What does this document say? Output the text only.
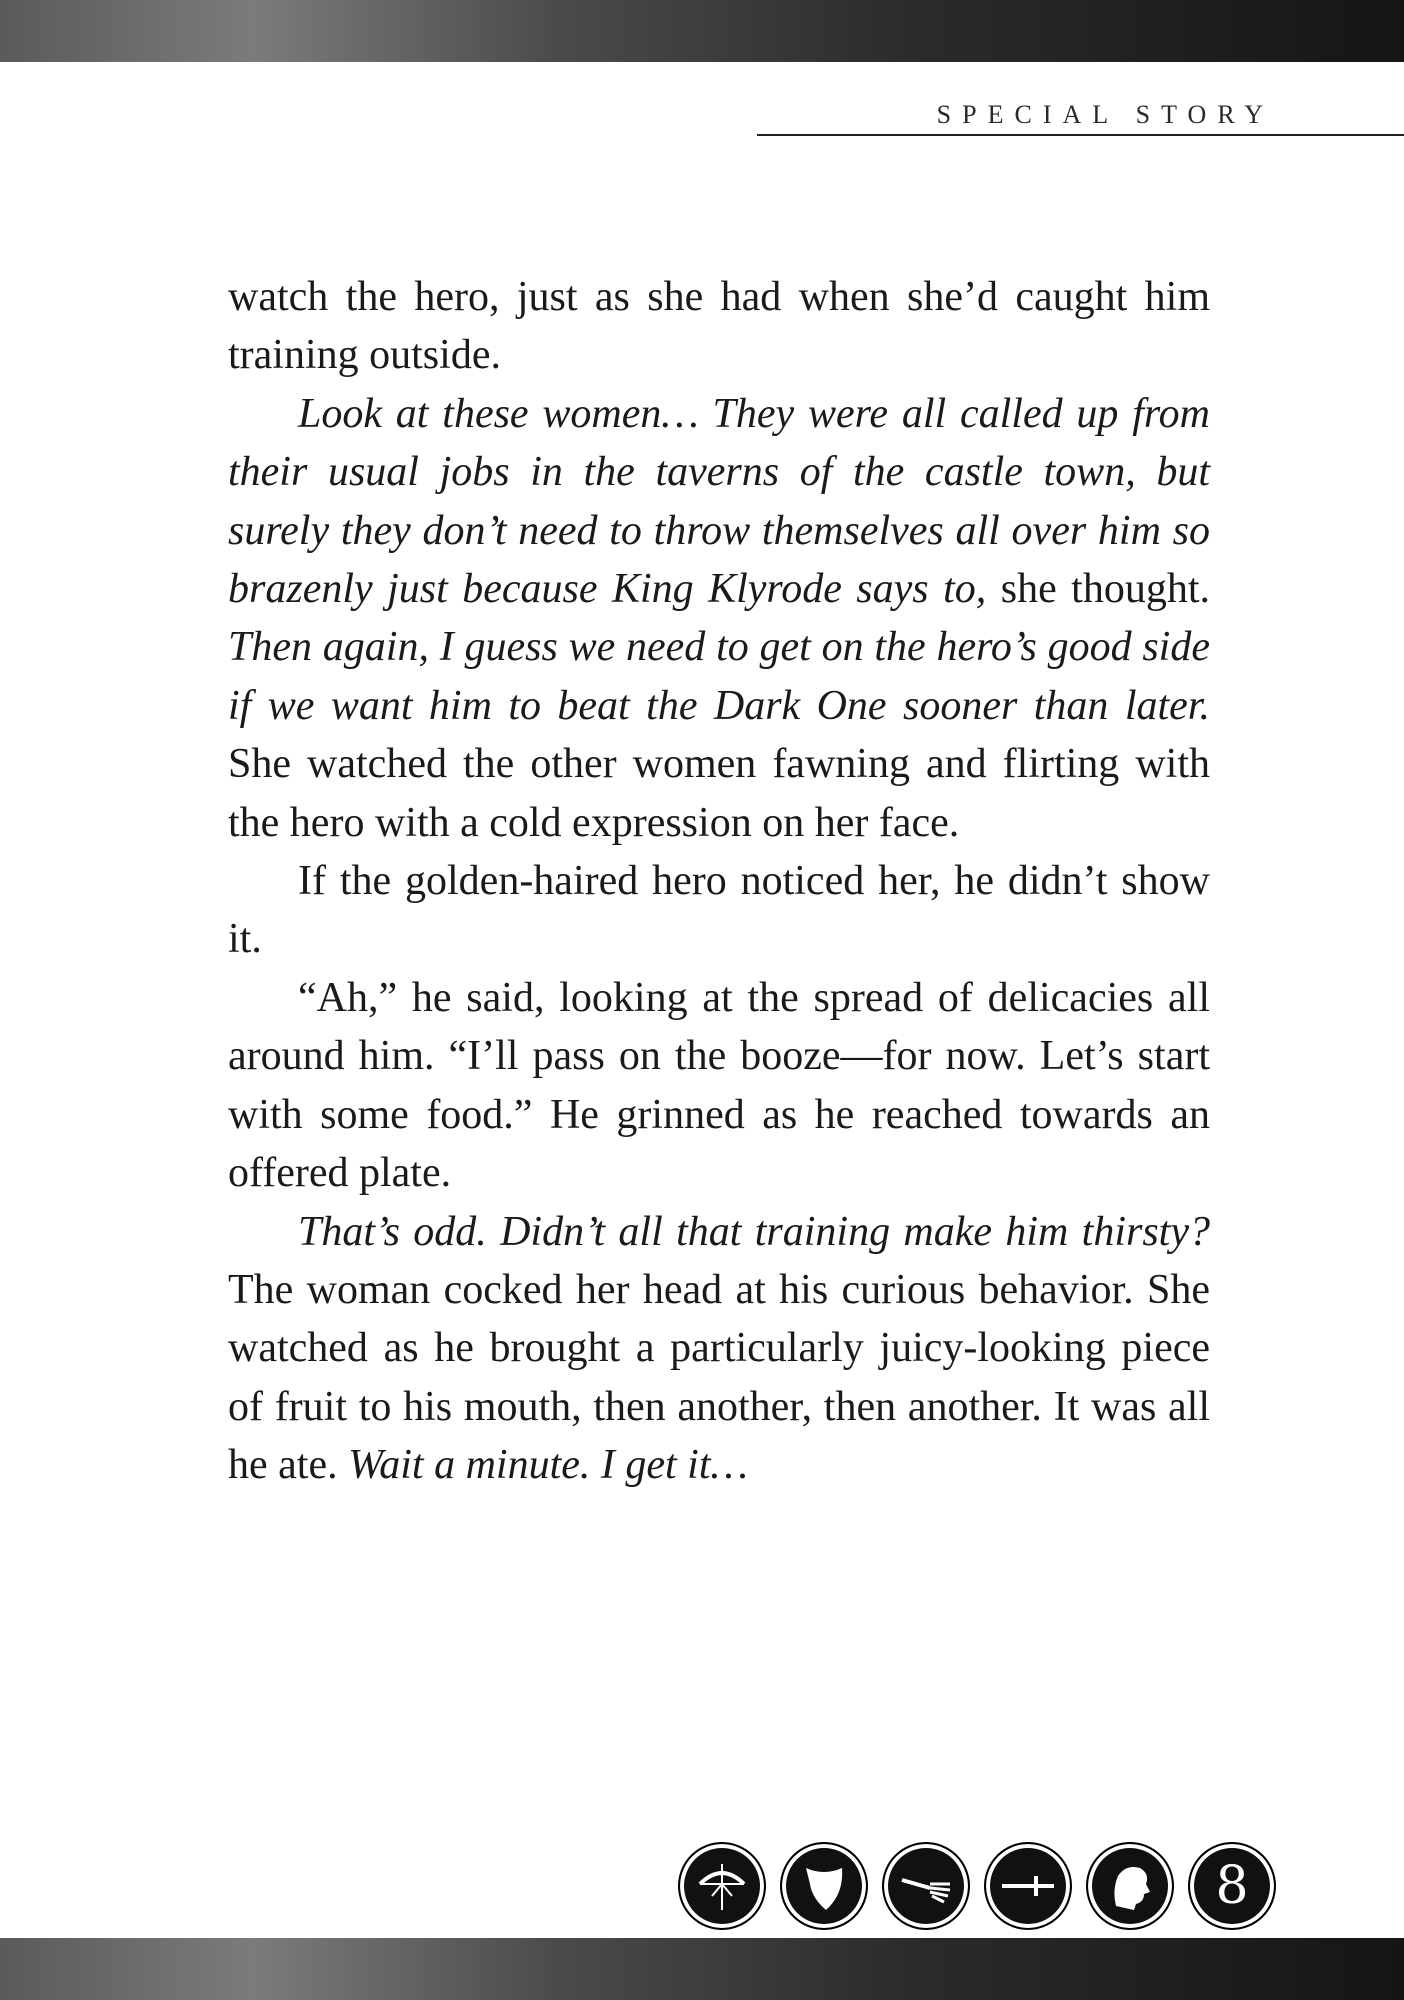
SPECIAL STORY

watch the hero, just as she had when she’d caught him training outside.

Look at these women… They were all called up from their usual jobs in the taverns of the castle town, but surely they don’t need to throw themselves all over him so brazenly just because King Klyrode says to, she thought. Then again, I guess we need to get on the hero’s good side if we want him to beat the Dark One sooner than later. She watched the other women fawning and flirting with the hero with a cold expression on her face.

If the golden-haired hero noticed her, he didn’t show it.

“Ah,” he said, looking at the spread of delicacies all around him. “I’ll pass on the booze—for now. Let’s start with some food.” He grinned as he reached towards an offered plate.

That’s odd. Didn’t all that training make him thirsty? The woman cocked her head at his curious behavior. She watched as he brought a particularly juicy-looking piece of fruit to his mouth, then another, then another. It was all he ate. Wait a minute. I get it…

8
